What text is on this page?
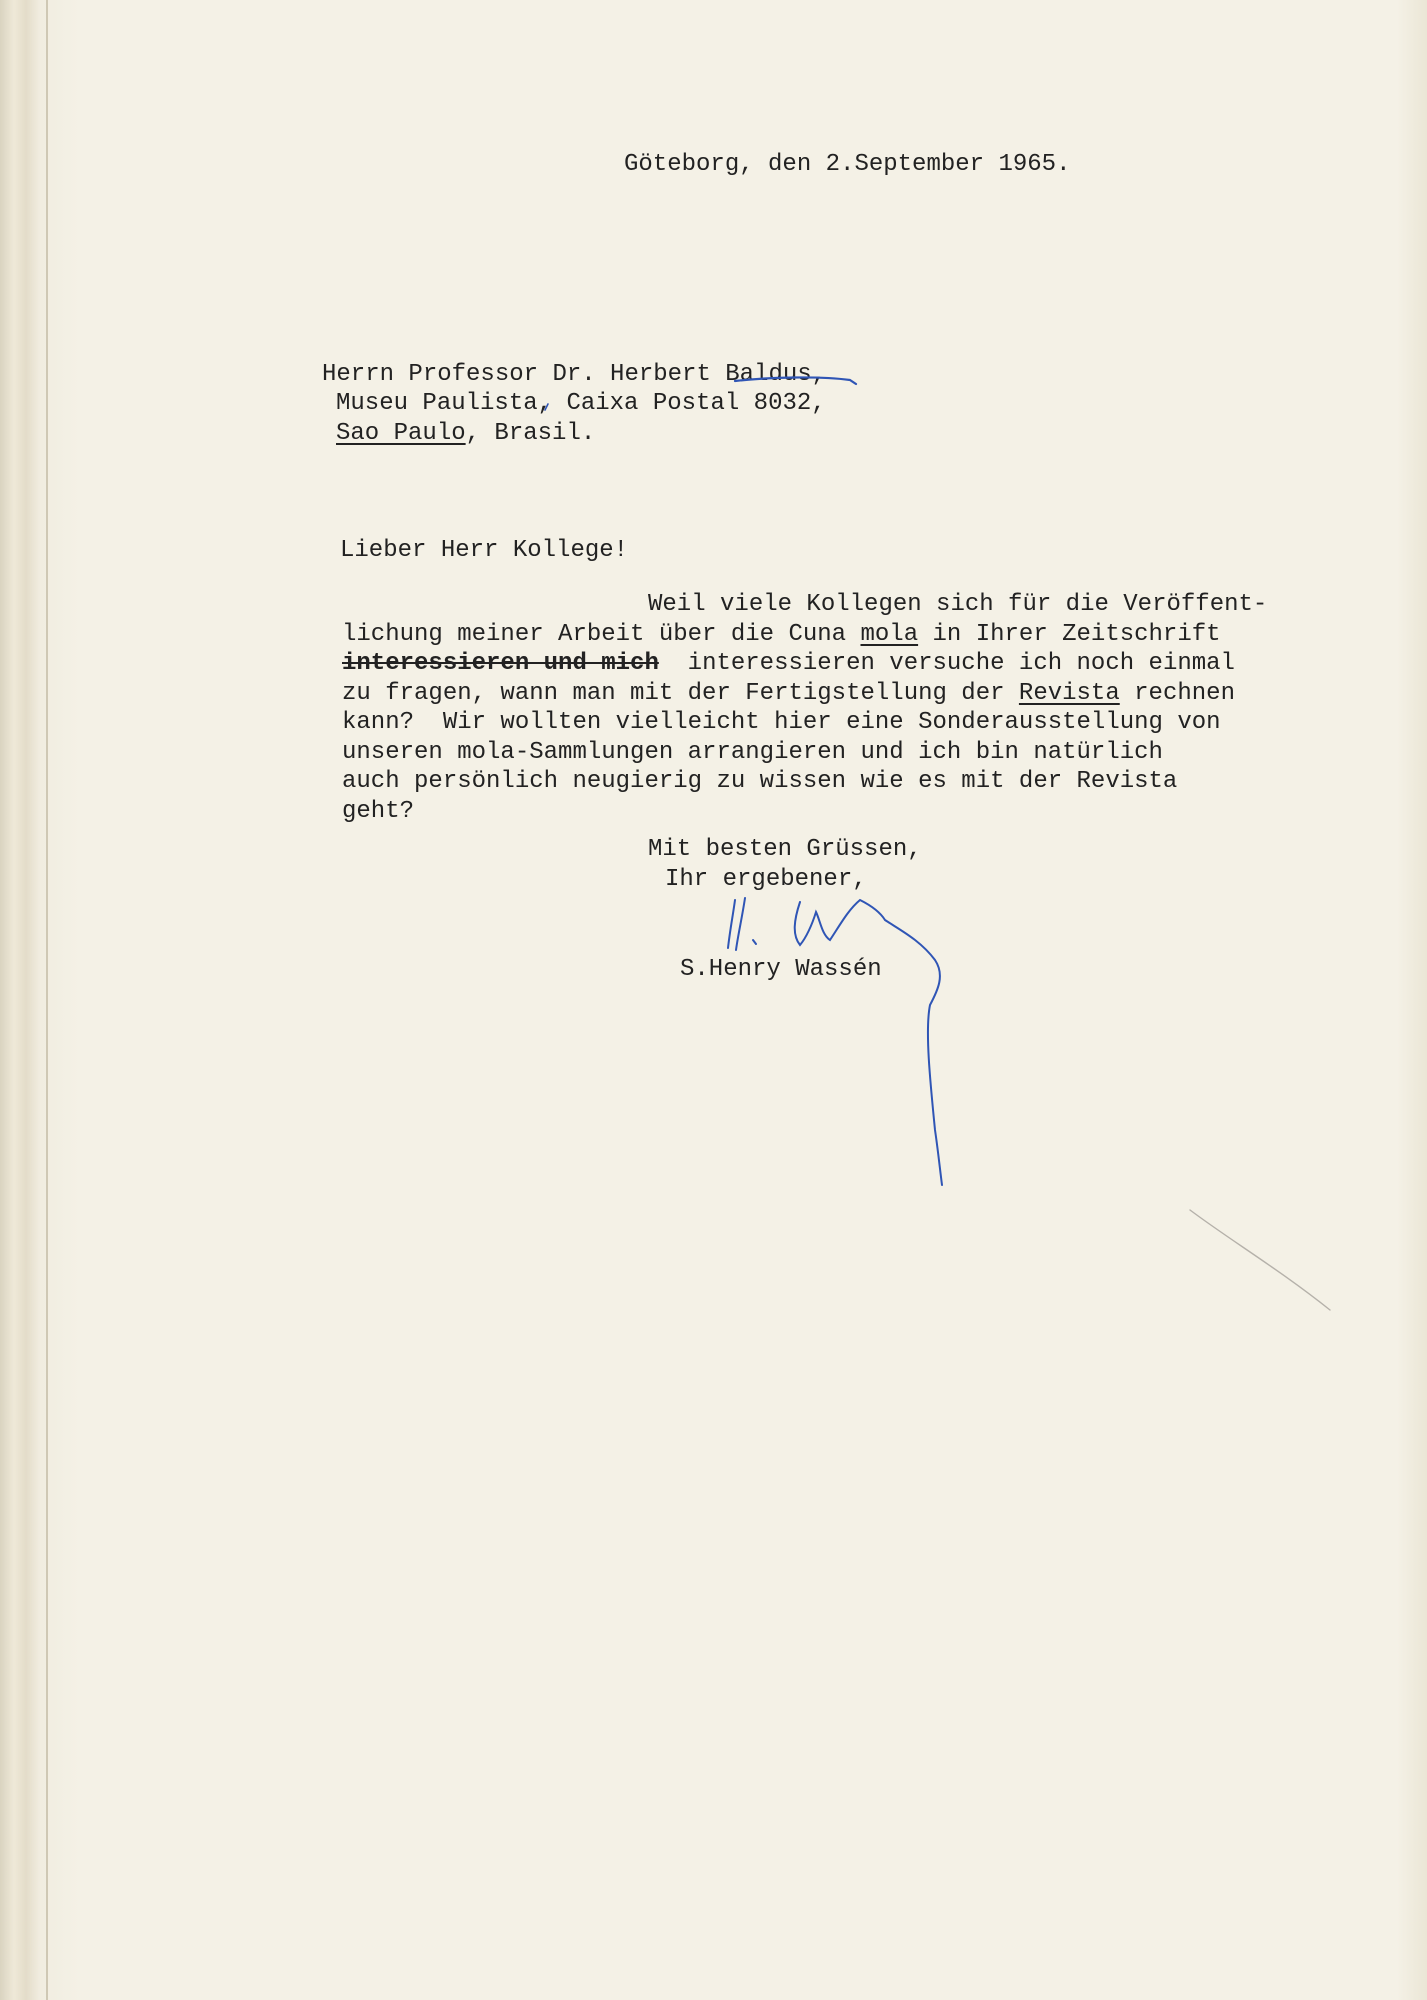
Göteborg, den 2.September 1965.

Herrn Professor Dr. Herbert Baldus,

Museu Paulista, Caixa Postal 8032,

Sao Paulo, Brasil.

Lieber Herr Kollege!

Weil viele Kollegen sich für die Veröffent-

lichung meiner Arbeit über die Cuna mola in Ihrer Zeitschrift

interessieren und mich  interessieren versuche ich noch einmal

zu fragen, wann man mit der Fertigstellung der Revista rechnen

kann?  Wir wollten vielleicht hier eine Sonderausstellung von

unseren mola-Sammlungen arrangieren und ich bin natürlich

auch persönlich neugierig zu wissen wie es mit der Revista

geht?

Mit besten Grüssen,

Ihr ergebener,

S.Henry Wassén
